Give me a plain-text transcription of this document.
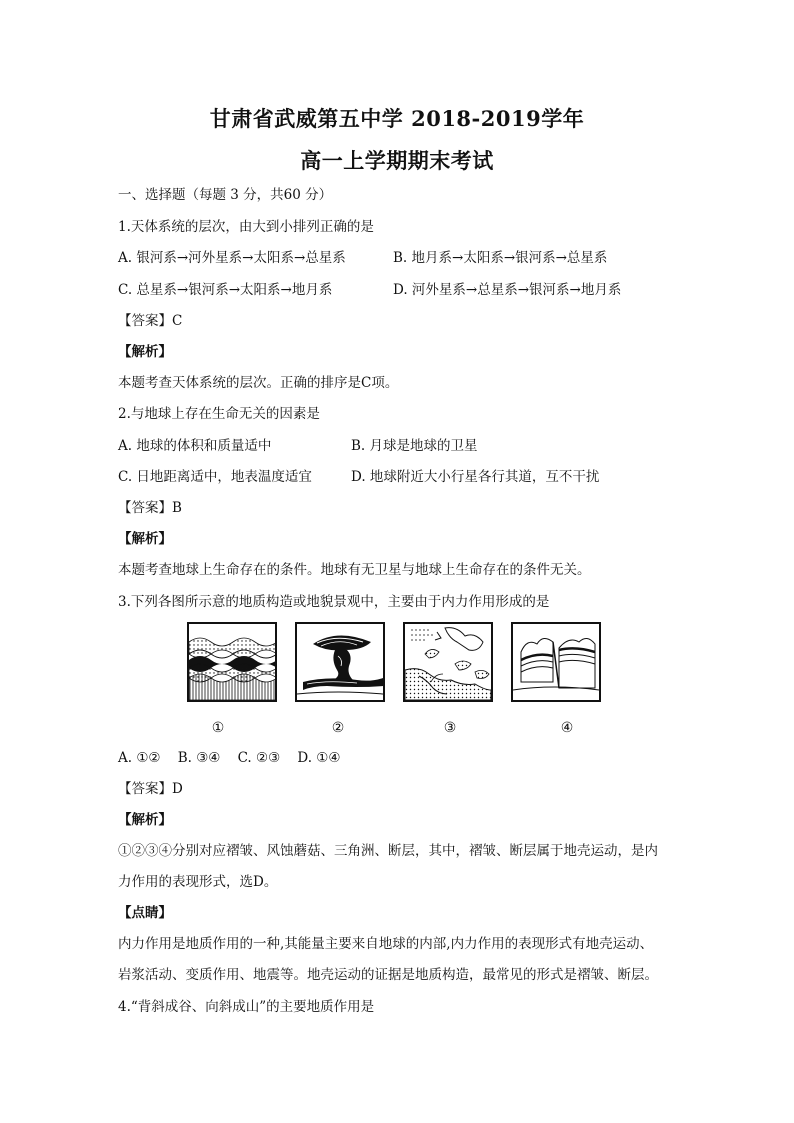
甘肃省武威第五中学 2018-2019学年
高一上学期期末考试
一、选择题（每题 3 分，共60 分）
1.天体系统的层次，由大到小排列正确的是
A. 银河系→河外星系→太阳系→总星系	B. 地月系→太阳系→银河系→总星系
C. 总星系→银河系→太阳系→地月系	D. 河外星系→总星系→银河系→地月系
【答案】C
【解析】
本题考查天体系统的层次。正确的排序是C项。
2.与地球上存在生命无关的因素是
A. 地球的体积和质量适中	B. 月球是地球的卫星
C. 日地距离适中，地表温度适宜	D. 地球附近大小行星各行其道，互不干扰
【答案】B
【解析】
本题考查地球上生命存在的条件。地球有无卫星与地球上生命存在的条件无关。
3.下列各图所示意的地质构造或地貌景观中，主要由于内力作用形成的是
①	②	③	④
A. ①②    B. ③④    C. ②③    D. ①④
【答案】D
【解析】
①②③④分别对应褶皱、风蚀蘑菇、三角洲、断层，其中，褶皱、断层属于地壳运动，是内
力作用的表现形式，选D。
【点睛】
内力作用是地质作用的一种,其能量主要来自地球的内部,内力作用的表现形式有地壳运动、
岩浆活动、变质作用、地震等。地壳运动的证据是地质构造，最常见的形式是褶皱、断层。
4.“背斜成谷、向斜成山”的主要地质作用是
